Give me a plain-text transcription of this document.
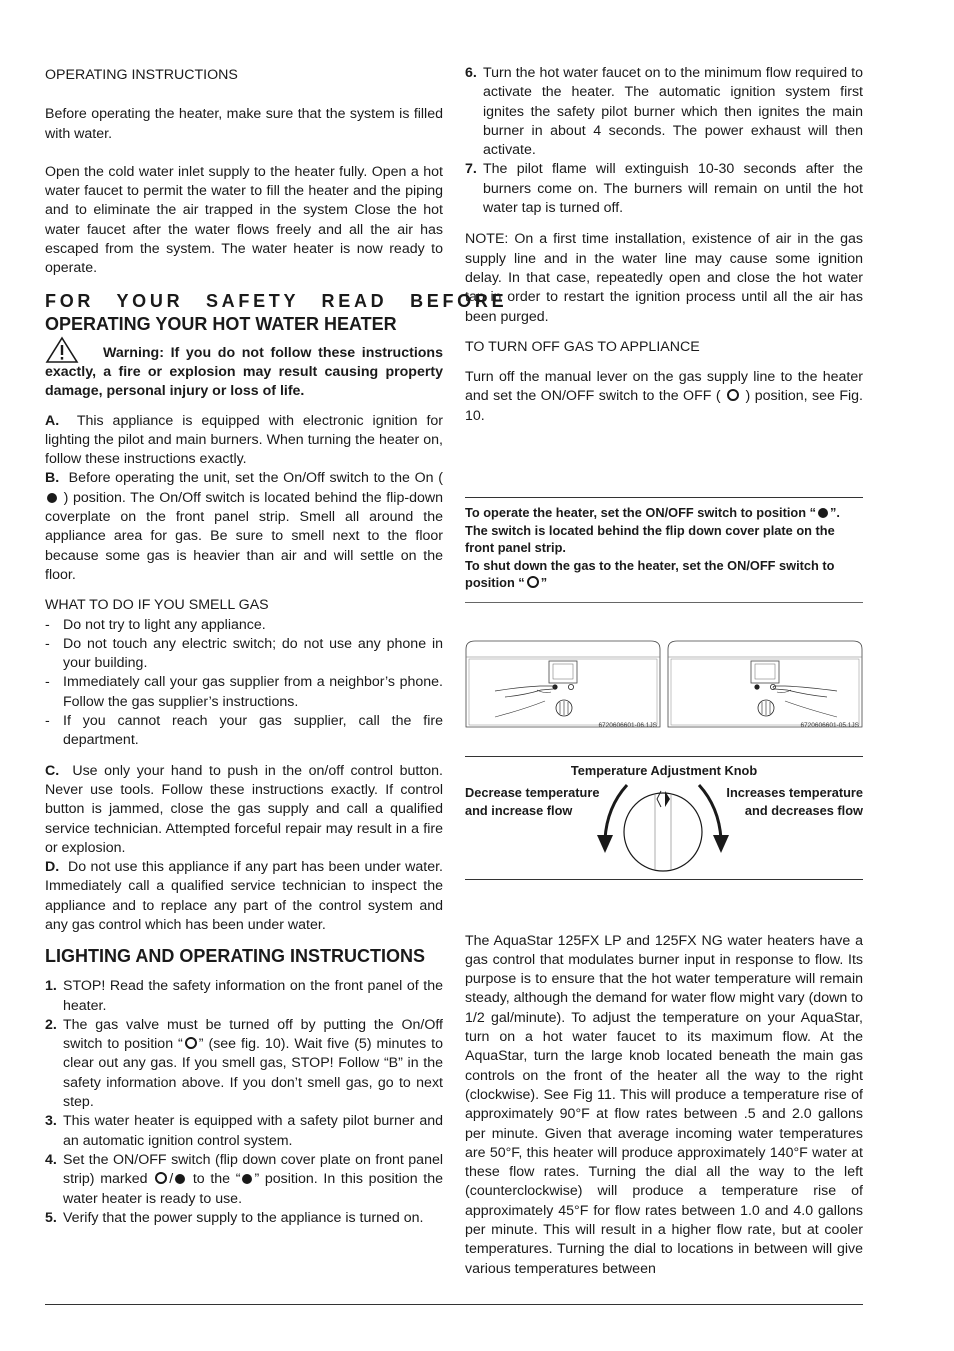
OPERATING INSTRUCTIONS

Before operating the heater, make sure that the system is filled with water.

Open the cold water inlet supply to the heater fully. Open a hot water faucet to permit the water to fill the heater and the piping and to eliminate the air trapped in the system Close the hot water faucet after the water flows freely and all the air has escaped from the system. The water heater is now ready to operate.

FOR YOUR SAFETY READ BEFORE
OPERATING YOUR HOT WATER HEATER

Warning: If you do not follow these instructions exactly, a fire or explosion may result causing property damage, personal injury or loss of life.

A. This appliance is equipped with electronic ignition for lighting the pilot and main burners. When turning the heater on, follow these instructions exactly.

B. Before operating the unit, set the On/Off switch to the On (  ) position. The On/Off switch is located behind the flip-down coverplate on the front panel strip. Smell all around the appliance area for gas. Be sure to smell next to the floor because some gas is heavier than air and will settle on the floor.

WHAT TO DO IF YOU SMELL GAS

- Do not try to light any appliance.
- Do not touch any electric switch; do not use any phone in your building.
- Immediately call your gas supplier from a neighbor’s phone. Follow the gas supplier’s instructions.
- If you cannot reach your gas supplier, call the fire department.

C. Use only your hand to push in the on/off control button. Never use tools. Follow these instructions exactly. If control button is jammed, close the gas supply and call a qualified service technician. Attempted forceful repair may result in a fire or explosion.

D. Do not use this appliance if any part has been under water. Immediately call a qualified service technician to inspect the appliance and to replace any part of the control system and any gas control which has been under water.

LIGHTING AND OPERATING INSTRUCTIONS
1. STOP! Read the safety information on the front panel of the heater.
2. The gas valve must be turned off by putting the On/Off switch to position “ ” (see fig. 10). Wait five (5) minutes to clear out any gas. If you smell gas, STOP! Follow “B” in the safety information above. If you don’t smell gas, go to next step.
3. This water heater is equipped with a safety pilot burner and an automatic ignition control system.
4. Set the ON/OFF switch (flip down cover plate on front panel strip) marked / to the “ ” position. In this position the water heater is ready to use.
5. Verify that the power supply to the appliance is turned on.
6. Turn the hot water faucet on to the minimum flow required to activate the heater. The automatic ignition system first ignites the safety pilot burner which then ignites the main burner in about 4 seconds. The power exhaust will then activate.
7. The pilot flame will extinguish 10-30 seconds after the burners come on. The burners will remain on until the hot water tap is turned off.

NOTE: On a first time installation, existence of air in the gas supply line and in the water line may cause some ignition delay. In that case, repeatedly open and close the hot water tap in order to restart the ignition process until all the air has been purged.

TO TURN OFF GAS TO APPLIANCE

Turn off the manual lever on the gas supply line to the heater and set the ON/OFF switch to the OFF ( ) position, see Fig. 10.

To operate the heater, set the ON/OFF switch to position “ ”. The switch is located behind the flip down cover plate on the front panel strip.
To shut down the gas to the heater, set the ON/OFF switch to position “ ”
6720606601-06.1JS	6720606601-05.1JS
Temperature Adjustment Knob
Decrease temperature
and increase flow
Increases temperature
and decreases flow

The AquaStar 125FX LP and 125FX NG water heaters have a gas control that modulates burner input in response to flow. Its purpose is to ensure that the hot water temperature will remain steady, although the demand for water flow might vary (down to 1/2 gal/minute). To adjust the temperature on your AquaStar, turn on a hot water faucet to its maximum flow. At the AquaStar, turn the large knob located beneath the main gas controls on the front of the heater all the way to the right (clockwise). See Fig 11. This will produce a temperature rise of approximately 90°F at flow rates between .5 and 2.0 gallons per minute. Given that average incoming water temperatures are 50°F, this heater will produce approximately 140°F water at these flow rates. Turning the dial all the way to the left (counterclockwise) will produce a temperature rise of approximately 45°F for flow rates between 1.0 and 4.0 gallons per minute. This will result in a higher flow rate, but at cooler temperatures. Turning the dial to locations in between will give various temperatures between
